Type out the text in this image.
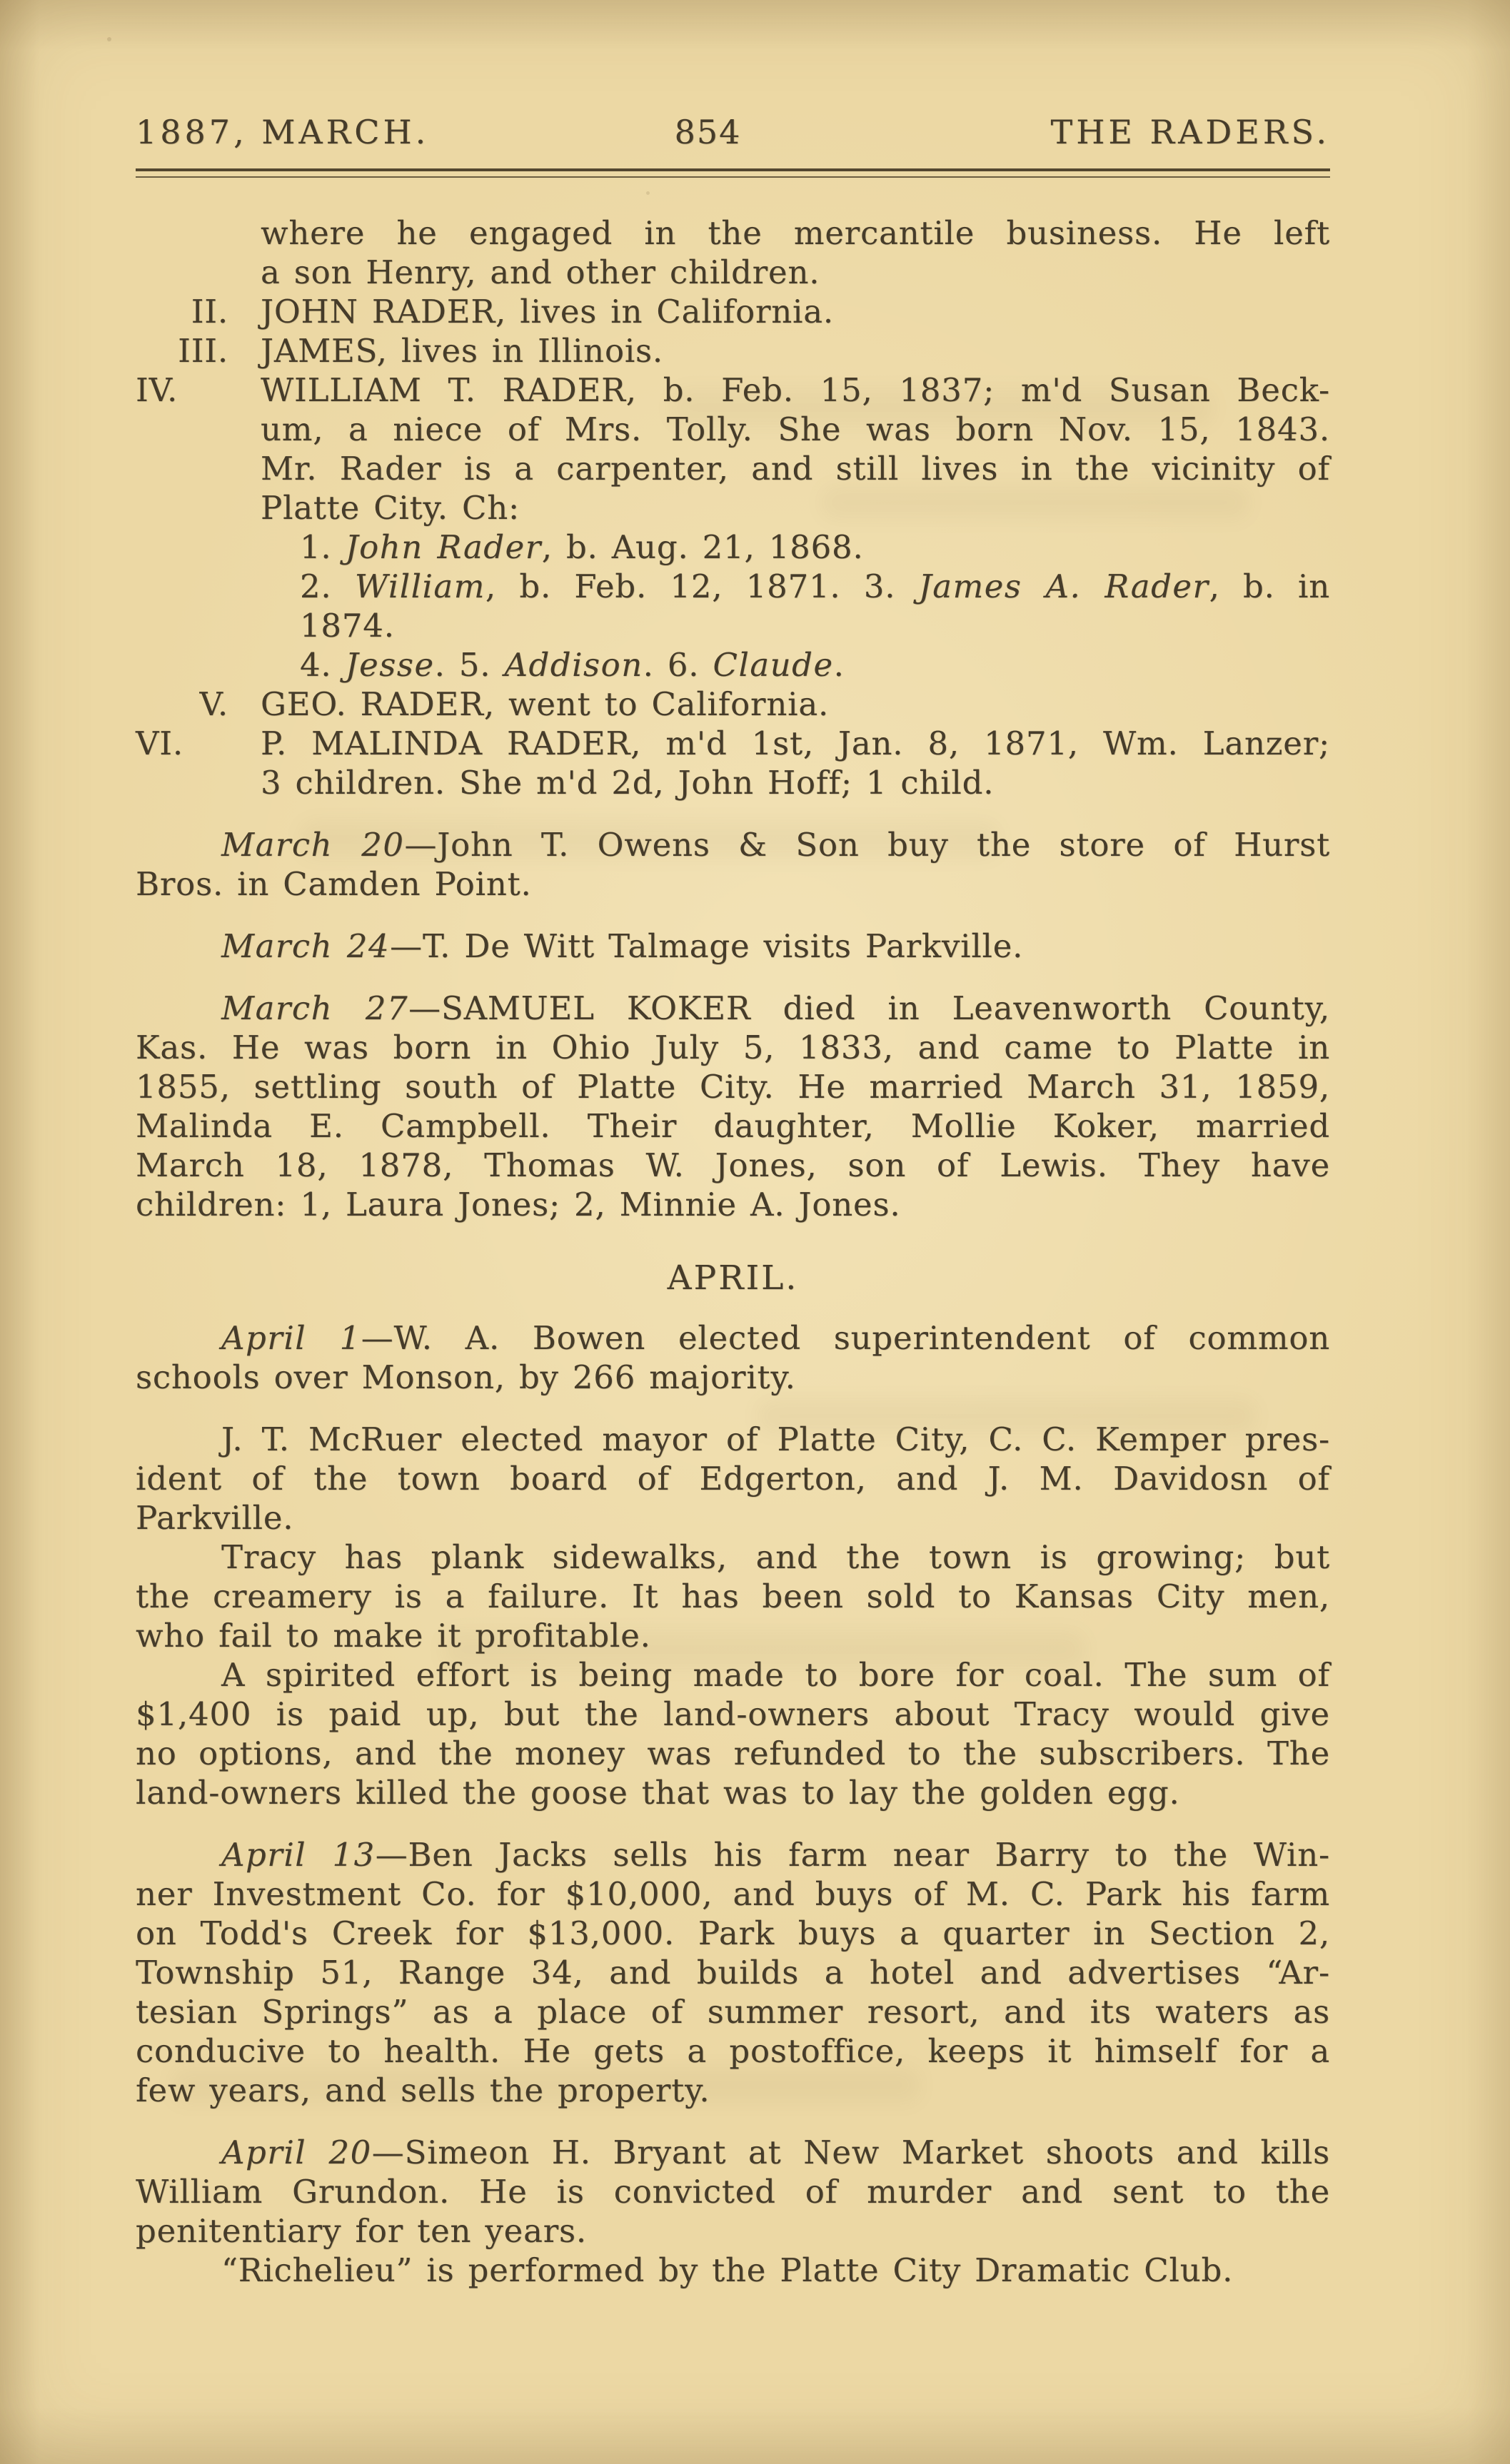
1887, MARCH.	854	THE RADERS.
where he engaged in the mercantile business. He left
a son Henry, and other children.
II. JOHN RADER, lives in California.
III. JAMES, lives in Illinois.
IV.	WILLIAM T. RADER, b. Feb. 15, 1837; m'd Susan Beck-
um, a niece of Mrs. Tolly. She was born Nov. 15, 1843.
Mr. Rader is a carpenter, and still lives in the vicinity of
Platte City. Ch:
1. John Rader, b. Aug. 21, 1868.
2. William, b. Feb. 12, 1871. 3. James A. Rader, b. in 1874.
4. Jesse. 5. Addison. 6. Claude.
V. GEO. RADER, went to California.
VI.	P. MALINDA RADER, m'd 1st, Jan. 8, 1871, Wm. Lanzer;
3 children. She m'd 2d, John Hoff; 1 child.
March 20—John T. Owens & Son buy the store of Hurst
Bros. in Camden Point.
March 24—T. De Witt Talmage visits Parkville.
March 27—SAMUEL KOKER died in Leavenworth County,
Kas. He was born in Ohio July 5, 1833, and came to Platte in
1855, settling south of Platte City. He married March 31, 1859,
Malinda E. Campbell. Their daughter, Mollie Koker, married
March 18, 1878, Thomas W. Jones, son of Lewis. They have
children: 1, Laura Jones; 2, Minnie A. Jones.
APRIL.
April 1—W. A. Bowen elected superintendent of common
schools over Monson, by 266 majority.
J. T. McRuer elected mayor of Platte City, C. C. Kemper pres-
ident of the town board of Edgerton, and J. M. Davidosn of
Parkville.
Tracy has plank sidewalks, and the town is growing; but
the creamery is a failure. It has been sold to Kansas City men,
who fail to make it profitable.
A spirited effort is being made to bore for coal. The sum of
$1,400 is paid up, but the land-owners about Tracy would give
no options, and the money was refunded to the subscribers. The
land-owners killed the goose that was to lay the golden egg.
April 13—Ben Jacks sells his farm near Barry to the Win-
ner Investment Co. for $10,000, and buys of M. C. Park his farm
on Todd's Creek for $13,000. Park buys a quarter in Section 2,
Township 51, Range 34, and builds a hotel and advertises “Ar-
tesian Springs” as a place of summer resort, and its waters as
conducive to health. He gets a postoffice, keeps it himself for a
few years, and sells the property.
April 20—Simeon H. Bryant at New Market shoots and kills
William Grundon. He is convicted of murder and sent to the
penitentiary for ten years.
“Richelieu” is performed by the Platte City Dramatic Club.
